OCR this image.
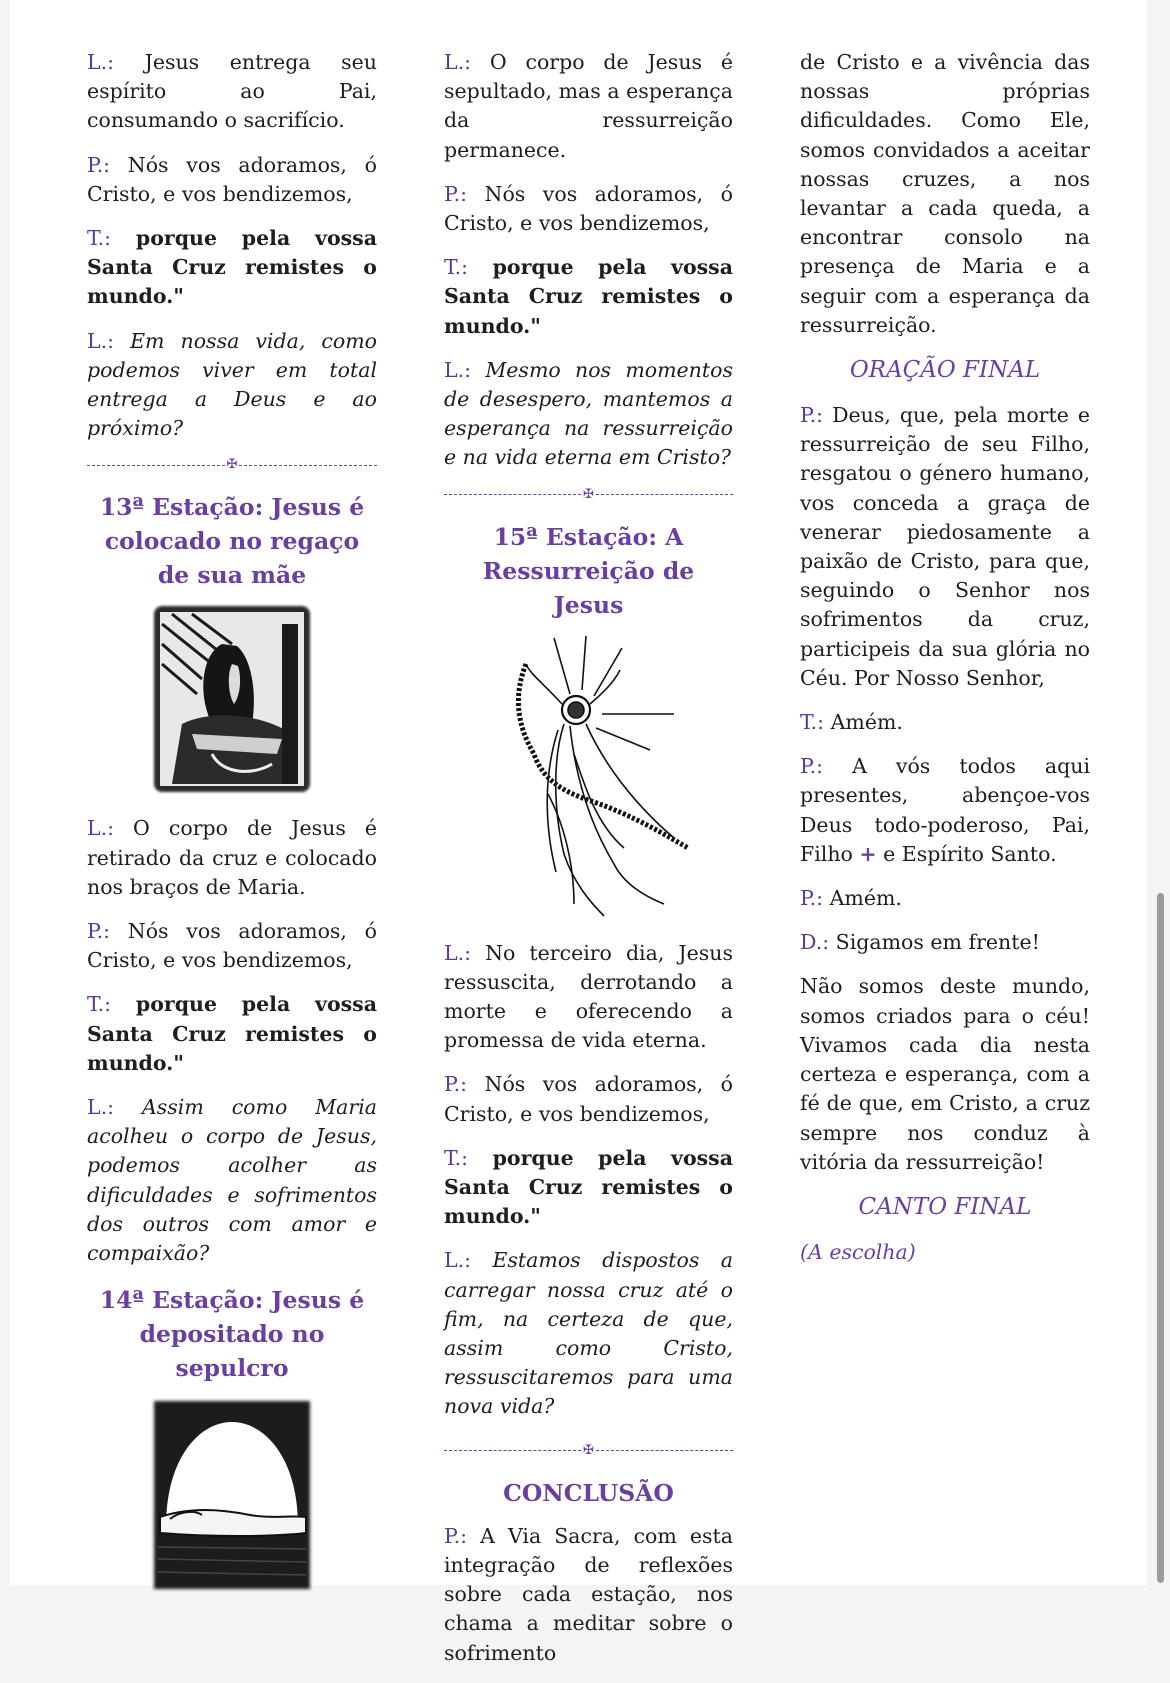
L.: Jesus entrega seu espírito ao Pai, consumando o sacrifício.

P.: Nós vos adoramos, ó Cristo, e vos bendizemos,

T.: porque pela vossa Santa Cruz remistes o mundo."

L.: Em nossa vida, como podemos viver em total entrega a Deus e ao próximo?

✠
13ª Estação: Jesus é colocado no regaço de sua mãe

L.: O corpo de Jesus é retirado da cruz e colocado nos braços de Maria.

P.: Nós vos adoramos, ó Cristo, e vos bendizemos,

T.: porque pela vossa Santa Cruz remistes o mundo."

L.: Assim como Maria acolheu o corpo de Jesus, podemos acolher as dificuldades e sofrimentos dos outros com amor e compaixão?

14ª Estação: Jesus é depositado no sepulcro

L.: O corpo de Jesus é sepultado, mas a esperança da ressurreição permanece.

P.: Nós vos adoramos, ó Cristo, e vos bendizemos,

T.: porque pela vossa Santa Cruz remistes o mundo."

L.: Mesmo nos momentos de desespero, mantemos a esperança na ressurreição e na vida eterna em Cristo?

✠
15ª Estação: A Ressurreição de Jesus

L.: No terceiro dia, Jesus ressuscita, derrotando a morte e oferecendo a promessa de vida eterna.

P.: Nós vos adoramos, ó Cristo, e vos bendizemos,

T.: porque pela vossa Santa Cruz remistes o mundo."

L.: Estamos dispostos a carregar nossa cruz até o fim, na certeza de que, assim como Cristo, ressuscitaremos para uma nova vida?

✠
CONCLUSÃO

P.: A Via Sacra, com esta integração de reflexões sobre cada estação, nos chama a meditar sobre o sofrimento

de Cristo e a vivência das nossas próprias dificuldades. Como Ele, somos convidados a aceitar nossas cruzes, a nos levantar a cada queda, a encontrar consolo na presença de Maria e a seguir com a esperança da ressurreição.

ORAÇÃO FINAL

P.: Deus, que, pela morte e ressurreição de seu Filho, resgatou o género humano, vos conceda a graça de venerar piedosamente a paixão de Cristo, para que, seguindo o Senhor nos sofrimentos da cruz, participeis da sua glória no Céu. Por Nosso Senhor,

T.: Amém.

P.: A vós todos aqui presentes, abençoe-vos Deus todo-poderoso, Pai, Filho + e Espírito Santo.

P.: Amém.

D.: Sigamos em frente!

Não somos deste mundo, somos criados para o céu! Vivamos cada dia nesta certeza e esperança, com a fé de que, em Cristo, a cruz sempre nos conduz à vitória da ressurreição!

CANTO FINAL

(A escolha)
